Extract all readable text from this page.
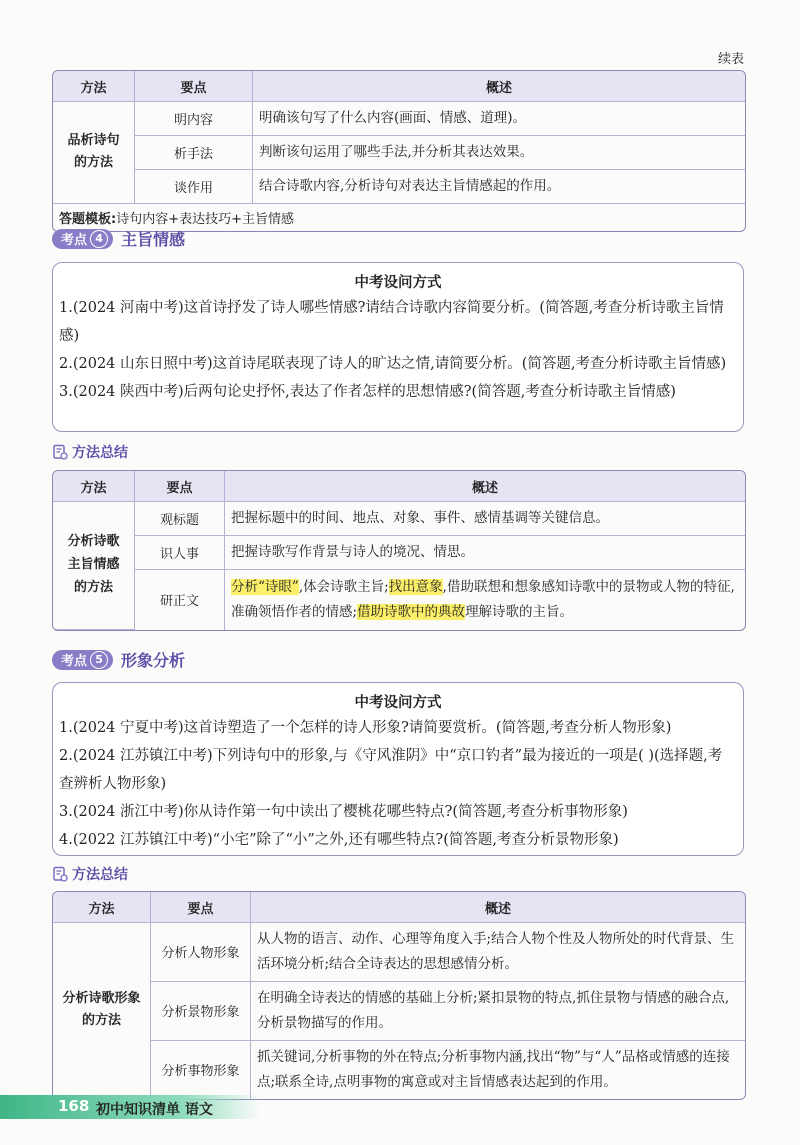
续表
方法	要点	概述
品析诗句的方法	明内容	明确该句写了什么内容(画面、情感、道理)。
	析手法	判断该句运用了哪些手法,并分析其表达效果。
	谈作用	结合诗歌内容,分析诗句对表达主旨情感起的作用。
答题模板:诗句内容+表达技巧+主旨情感		
考点 4	主旨情感
中考设问方式
1.(2024 河南中考)这首诗抒发了诗人哪些情感?请结合诗歌内容简要分析。(简答题,考查分析诗歌主旨情感)
2.(2024 山东日照中考)这首诗尾联表现了诗人的旷达之情,请简要分析。(简答题,考查分析诗歌主旨情感)
3.(2024 陕西中考)后两句论史抒怀,表达了作者怎样的思想情感?(简答题,考查分析诗歌主旨情感)
方法总结
方法	要点	概述
分析诗歌主旨情感的方法	观标题	把握标题中的时间、地点、对象、事件、感情基调等关键信息。
	识人事	把握诗歌写作背景与诗人的境况、情思。
	研正文	分析“诗眼”,体会诗歌主旨;找出意象,借助联想和想象感知诗歌中的景物或人物的特征,准确领悟作者的情感;借助诗歌中的典故理解诗歌的主旨。
考点 5	形象分析
中考设问方式
1.(2024 宁夏中考)这首诗塑造了一个怎样的诗人形象?请简要赏析。(简答题,考查分析人物形象)
2.(2024 江苏镇江中考)下列诗句中的形象,与《守风淮阴》中“京口钓者”最为接近的一项是( )(选择题,考查辨析人物形象)
3.(2024 浙江中考)你从诗作第一句中读出了樱桃花哪些特点?(简答题,考查分析事物形象)
4.(2022 江苏镇江中考)“小宅”除了“小”之外,还有哪些特点?(简答题,考查分析景物形象)
方法总结
方法	要点	概述
分析诗歌形象的方法	分析人物形象	从人物的语言、动作、心理等角度入手;结合人物个性及人物所处的时代背景、生活环境分析;结合全诗表达的思想感情分析。
	分析景物形象	在明确全诗表达的情感的基础上分析;紧扣景物的特点,抓住景物与情感的融合点,分析景物描写的作用。
	分析事物形象	抓关键词,分析事物的外在特点;分析事物内涵,找出“物”与“人”品格或情感的连接点;联系全诗,点明事物的寓意或对主旨情感表达起到的作用。
168 初中知识清单 语文
